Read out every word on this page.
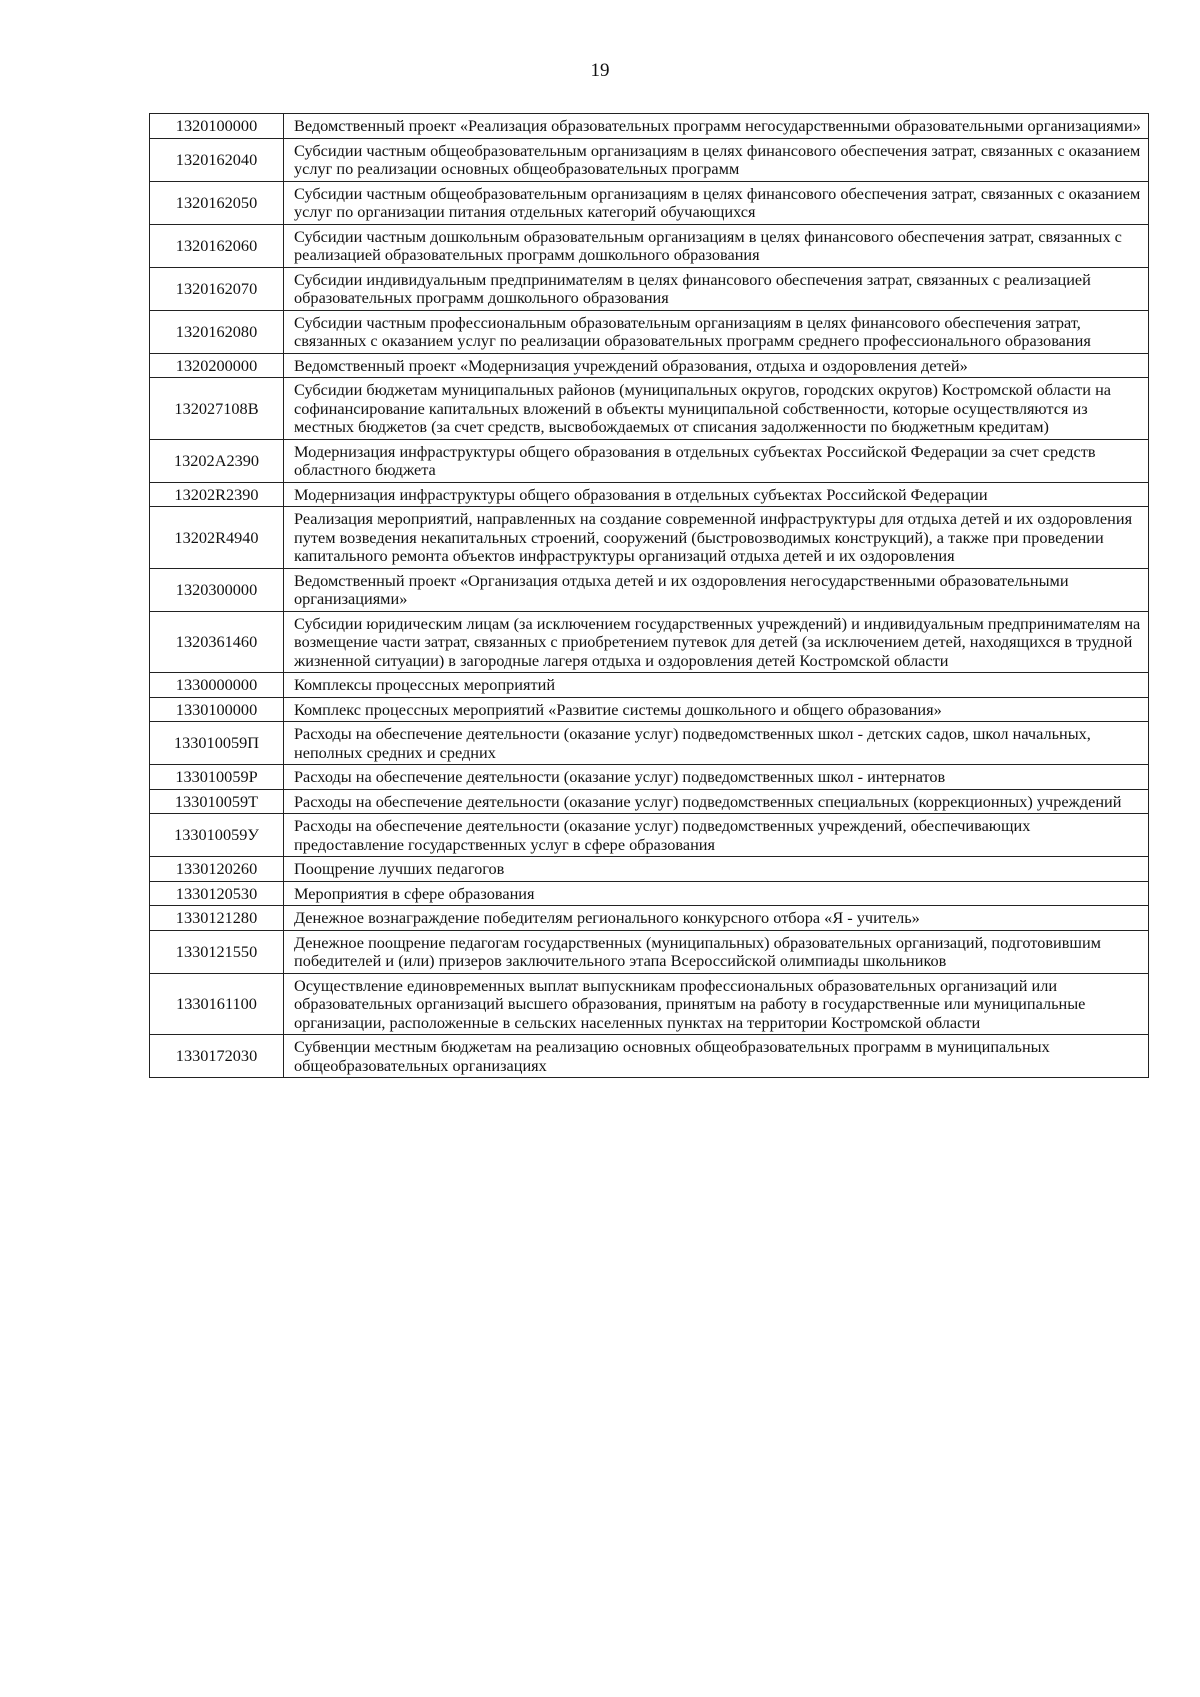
19
1320100000	Ведомственный проект «Реализация образовательных программ негосударственными образовательными организациями»
1320162040	Субсидии частным общеобразовательным организациям в целях финансового обеспечения затрат, связанных с оказанием услуг по реализации основных общеобразовательных программ
1320162050	Субсидии частным общеобразовательным организациям в целях финансового обеспечения затрат, связанных с оказанием услуг по организации питания отдельных категорий обучающихся
1320162060	Субсидии частным дошкольным образовательным организациям в целях финансового обеспечения затрат, связанных с реализацией образовательных программ дошкольного образования
1320162070	Субсидии индивидуальным предпринимателям в целях финансового обеспечения затрат, связанных с реализацией образовательных программ дошкольного образования
1320162080	Субсидии частным профессиональным образовательным организациям в целях финансового обеспечения затрат, связанных с оказанием услуг по реализации образовательных программ среднего профессионального образования
1320200000	Ведомственный проект «Модернизация учреждений образования, отдыха и оздоровления детей»
132027108B	Субсидии бюджетам муниципальных районов (муниципальных округов, городских округов) Костромской области на софинансирование капитальных вложений в объекты муниципальной собственности, которые осуществляются из местных бюджетов (за счет средств, высвобождаемых от списания задолженности по бюджетным кредитам)
13202A2390	Модернизация инфраструктуры общего образования в отдельных субъектах Российской Федерации за счет средств областного бюджета
13202R2390	Модернизация инфраструктуры общего образования в отдельных субъектах Российской Федерации
13202R4940	Реализация мероприятий, направленных на создание современной инфраструктуры для отдыха детей и их оздоровления путем возведения некапитальных строений, сооружений (быстровозводимых конструкций), а также при проведении капитального ремонта объектов инфраструктуры организаций отдыха детей и их оздоровления
1320300000	Ведомственный проект «Организация отдыха детей и их оздоровления негосударственными образовательными организациями»
1320361460	Субсидии юридическим лицам (за исключением государственных учреждений) и индивидуальным предпринимателям на возмещение части затрат, связанных с приобретением путевок для детей (за исключением детей, находящихся в трудной жизненной ситуации) в загородные лагеря отдыха и оздоровления детей Костромской области
1330000000	Комплексы процессных мероприятий
1330100000	Комплекс процессных мероприятий «Развитие системы дошкольного и общего образования»
133010059П	Расходы на обеспечение деятельности (оказание услуг) подведомственных школ - детских садов, школ начальных, неполных средних и средних
133010059Р	Расходы на обеспечение деятельности (оказание услуг) подведомственных школ - интернатов
133010059Т	Расходы на обеспечение деятельности (оказание услуг) подведомственных специальных (коррекционных) учреждений
133010059У	Расходы на обеспечение деятельности (оказание услуг) подведомственных учреждений, обеспечивающих предоставление государственных услуг в сфере образования
1330120260	Поощрение лучших педагогов
1330120530	Мероприятия в сфере образования
1330121280	Денежное вознаграждение победителям регионального конкурсного отбора «Я - учитель»
1330121550	Денежное поощрение педагогам государственных (муниципальных) образовательных организаций, подготовившим победителей и (или) призеров заключительного этапа Всероссийской олимпиады школьников
1330161100	Осуществление единовременных выплат выпускникам профессиональных образовательных организаций или образовательных организаций высшего образования, принятым на работу в государственные или муниципальные организации, расположенные в сельских населенных пунктах на территории Костромской области
1330172030	Субвенции местным бюджетам на реализацию основных общеобразовательных программ в муниципальных общеобразовательных организациях
